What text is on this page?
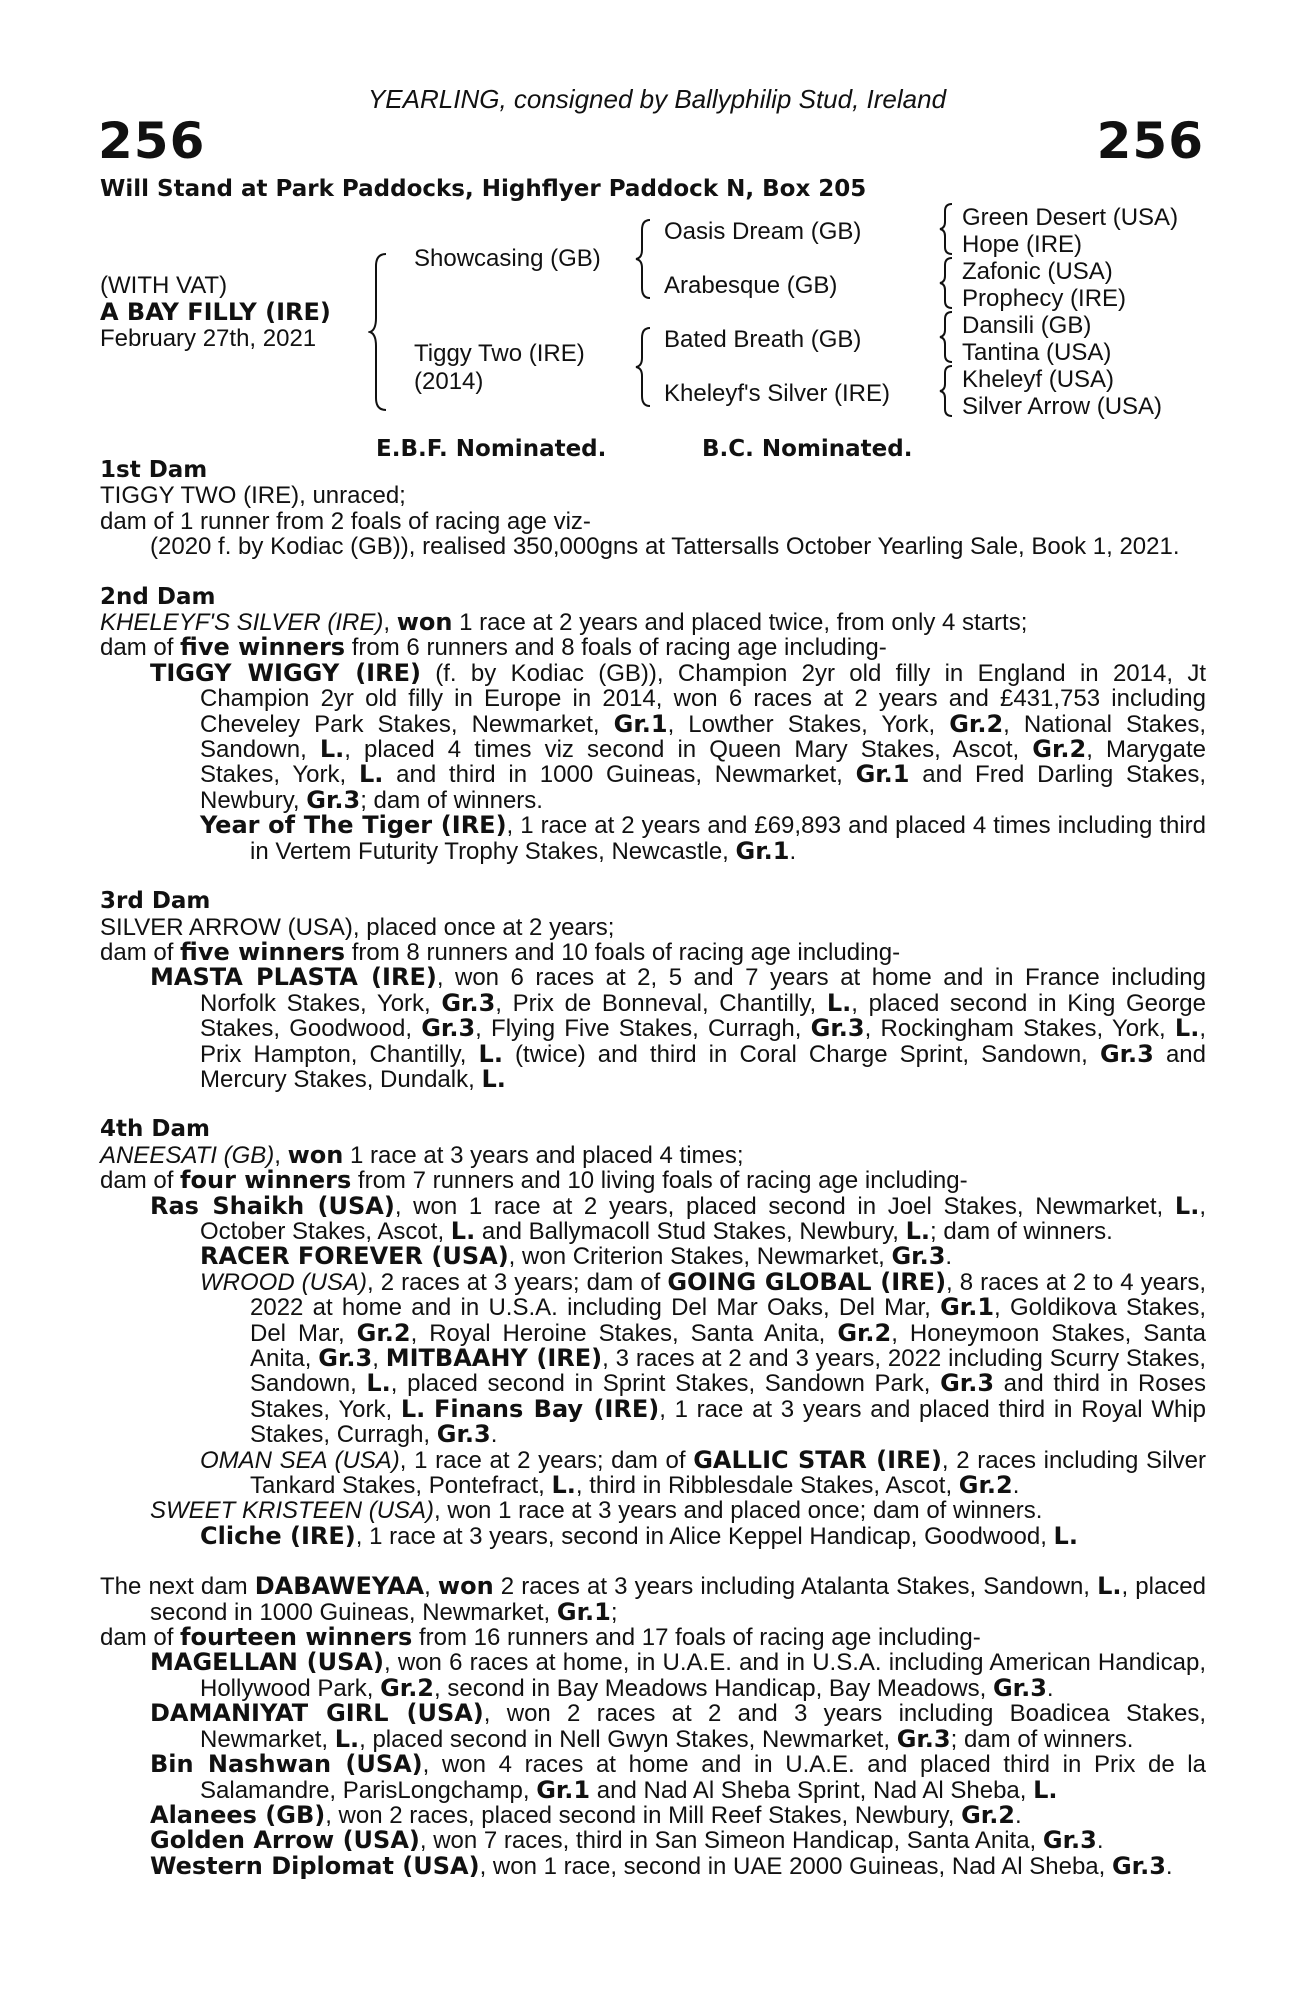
YEARLING, consigned by Ballyphilip Stud, Ireland
256	256
Will Stand at Park Paddocks, Highflyer Paddock N, Box 205
(WITH VAT)
A BAY FILLY (IRE)
February 27th, 2021
Showcasing (GB)
Tiggy Two (IRE)
(2014)
Oasis Dream (GB)
Arabesque (GB)
Bated Breath (GB)
Kheleyf's Silver (IRE)
Green Desert (USA)
Hope (IRE)
Zafonic (USA)
Prophecy (IRE)
Dansili (GB)
Tantina (USA)
Kheleyf (USA)
Silver Arrow (USA)
E.B.F. Nominated.	B.C. Nominated.

1st Dam

TIGGY TWO (IRE), unraced;

dam of 1 runner from 2 foals of racing age viz-

(2020 f. by Kodiac (GB)), realised 350,000gns at Tattersalls October Yearling Sale, Book 1, 2021.

2nd Dam

KHELEYF'S SILVER (IRE), won 1 race at 2 years and placed twice, from only 4 starts;

dam of five winners from 6 runners and 8 foals of racing age including-

TIGGY WIGGY (IRE) (f. by Kodiac (GB)), Champion 2yr old filly in England in 2014, Jt Champion 2yr old filly in Europe in 2014, won 6 races at 2 years and £431,753 including Cheveley Park Stakes, Newmarket, Gr.1, Lowther Stakes, York, Gr.2, National Stakes, Sandown, L., placed 4 times viz second in Queen Mary Stakes, Ascot, Gr.2, Marygate Stakes, York, L. and third in 1000 Guineas, Newmarket, Gr.1 and Fred Darling Stakes, Newbury, Gr.3; dam of winners.

Year of The Tiger (IRE), 1 race at 2 years and £69,893 and placed 4 times including third in Vertem Futurity Trophy Stakes, Newcastle, Gr.1.

3rd Dam

SILVER ARROW (USA), placed once at 2 years;

dam of five winners from 8 runners and 10 foals of racing age including-

MASTA PLASTA (IRE), won 6 races at 2, 5 and 7 years at home and in France including Norfolk Stakes, York, Gr.3, Prix de Bonneval, Chantilly, L., placed second in King George Stakes, Goodwood, Gr.3, Flying Five Stakes, Curragh, Gr.3, Rockingham Stakes, York, L., Prix Hampton, Chantilly, L. (twice) and third in Coral Charge Sprint, Sandown, Gr.3 and Mercury Stakes, Dundalk, L.

4th Dam

ANEESATI (GB), won 1 race at 3 years and placed 4 times;

dam of four winners from 7 runners and 10 living foals of racing age including-

Ras Shaikh (USA), won 1 race at 2 years, placed second in Joel Stakes, Newmarket, L., October Stakes, Ascot, L. and Ballymacoll Stud Stakes, Newbury, L.; dam of winners.

RACER FOREVER (USA), won Criterion Stakes, Newmarket, Gr.3.

WROOD (USA), 2 races at 3 years; dam of GOING GLOBAL (IRE), 8 races at 2 to 4 years, 2022 at home and in U.S.A. including Del Mar Oaks, Del Mar, Gr.1, Goldikova Stakes, Del Mar, Gr.2, Royal Heroine Stakes, Santa Anita, Gr.2, Honeymoon Stakes, Santa Anita, Gr.3, MITBAAHY (IRE), 3 races at 2 and 3 years, 2022 including Scurry Stakes, Sandown, L., placed second in Sprint Stakes, Sandown Park, Gr.3 and third in Roses Stakes, York, L. Finans Bay (IRE), 1 race at 3 years and placed third in Royal Whip Stakes, Curragh, Gr.3.

OMAN SEA (USA), 1 race at 2 years; dam of GALLIC STAR (IRE), 2 races including Silver Tankard Stakes, Pontefract, L., third in Ribblesdale Stakes, Ascot, Gr.2.

SWEET KRISTEEN (USA), won 1 race at 3 years and placed once; dam of winners.

Cliche (IRE), 1 race at 3 years, second in Alice Keppel Handicap, Goodwood, L.

The next dam DABAWEYAA, won 2 races at 3 years including Atalanta Stakes, Sandown, L., placed second in 1000 Guineas, Newmarket, Gr.1;

dam of fourteen winners from 16 runners and 17 foals of racing age including-

MAGELLAN (USA), won 6 races at home, in U.A.E. and in U.S.A. including American Handicap, Hollywood Park, Gr.2, second in Bay Meadows Handicap, Bay Meadows, Gr.3.

DAMANIYAT GIRL (USA), won 2 races at 2 and 3 years including Boadicea Stakes, Newmarket, L., placed second in Nell Gwyn Stakes, Newmarket, Gr.3; dam of winners.

Bin Nashwan (USA), won 4 races at home and in U.A.E. and placed third in Prix de la Salamandre, ParisLongchamp, Gr.1 and Nad Al Sheba Sprint, Nad Al Sheba, L.

Alanees (GB), won 2 races, placed second in Mill Reef Stakes, Newbury, Gr.2.

Golden Arrow (USA), won 7 races, third in San Simeon Handicap, Santa Anita, Gr.3.

Western Diplomat (USA), won 1 race, second in UAE 2000 Guineas, Nad Al Sheba, Gr.3.
